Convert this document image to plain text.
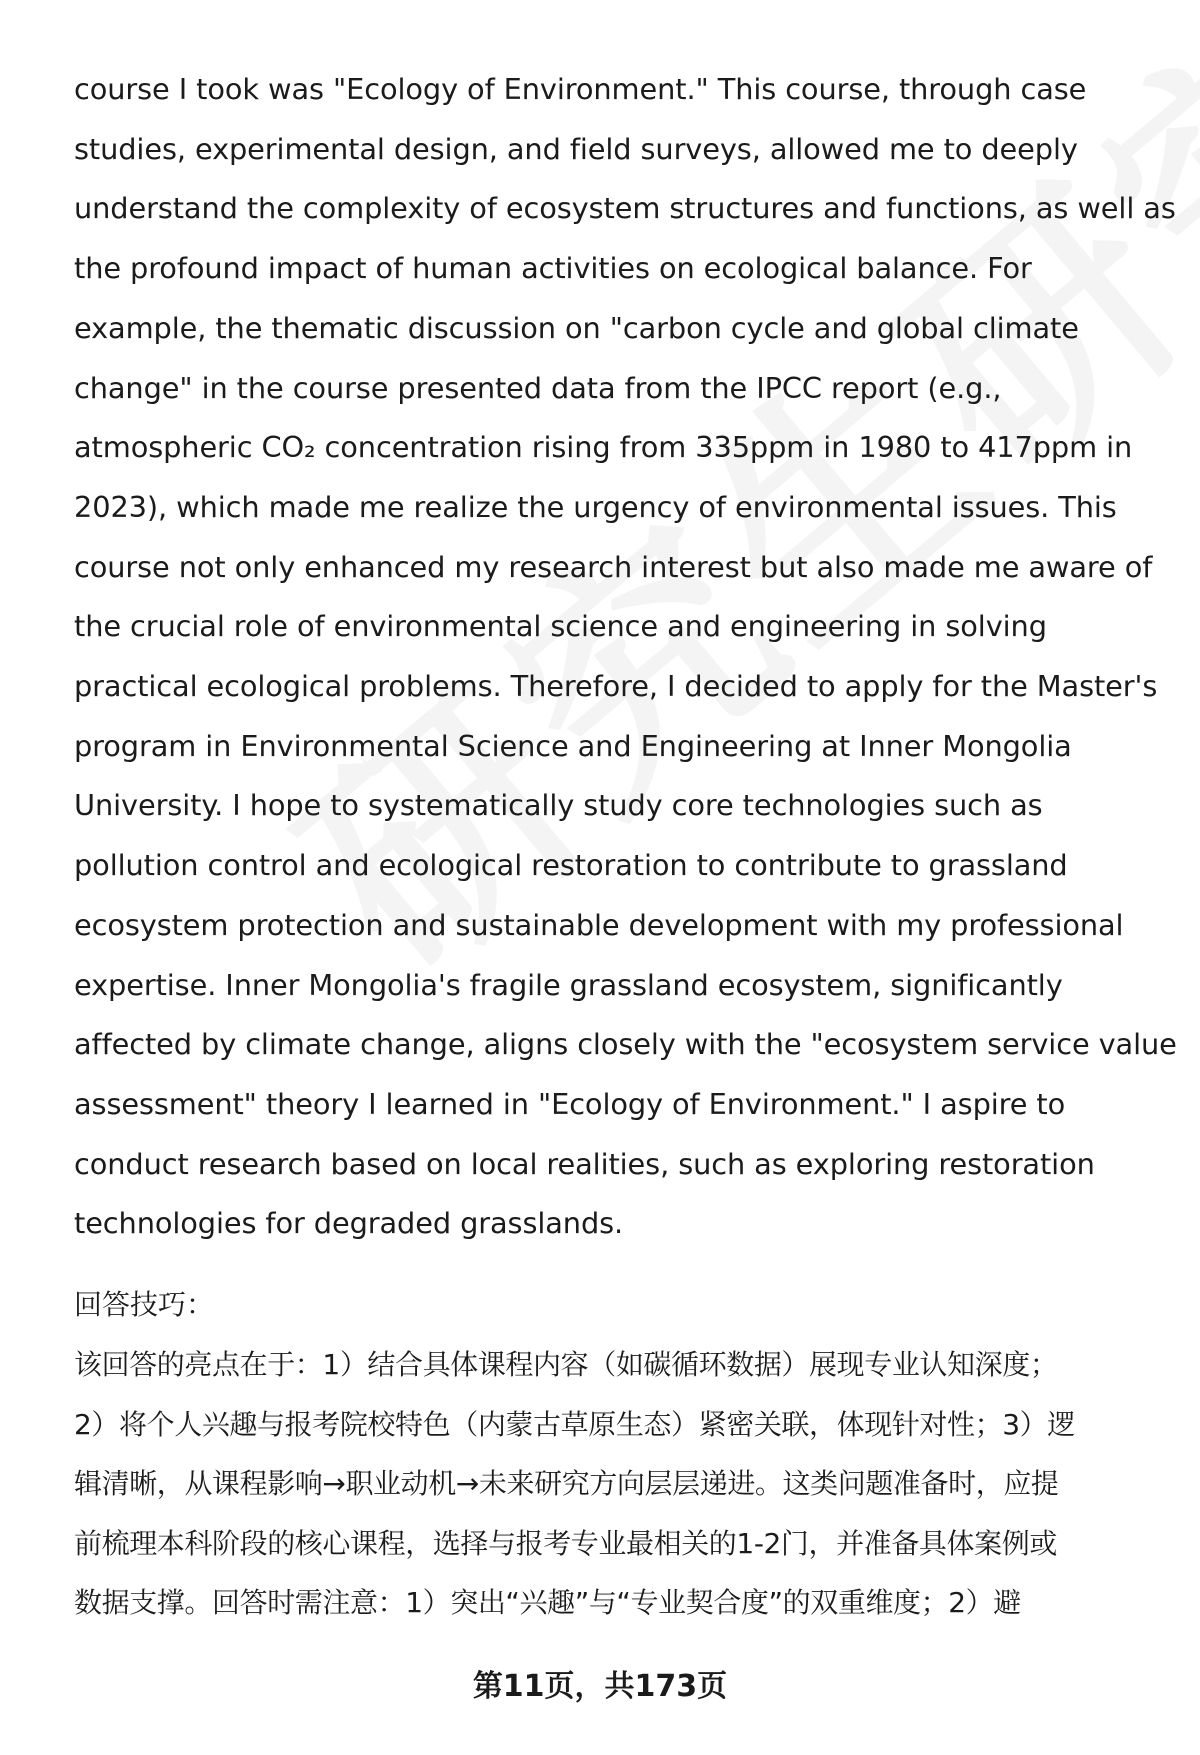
course I took was "Ecology of Environment." This course, through case
studies, experimental design, and field surveys, allowed me to deeply
understand the complexity of ecosystem structures and functions, as well as
the profound impact of human activities on ecological balance. For
example, the thematic discussion on "carbon cycle and global climate
change" in the course presented data from the IPCC report (e.g.,
atmospheric CO₂ concentration rising from 335ppm in 1980 to 417ppm in
2023), which made me realize the urgency of environmental issues. This
course not only enhanced my research interest but also made me aware of
the crucial role of environmental science and engineering in solving
practical ecological problems. Therefore, I decided to apply for the Master's
program in Environmental Science and Engineering at Inner Mongolia
University. I hope to systematically study core technologies such as
pollution control and ecological restoration to contribute to grassland
ecosystem protection and sustainable development with my professional
expertise. Inner Mongolia's fragile grassland ecosystem, significantly
affected by climate change, aligns closely with the "ecosystem service value
assessment" theory I learned in "Ecology of Environment." I aspire to
conduct research based on local realities, such as exploring restoration
technologies for degraded grasslands.
回答技巧：
该回答的亮点在于：1）结合具体课程内容（如碳循环数据）展现专业认知深度；
2）将个人兴趣与报考院校特色（内蒙古草原生态）紧密关联，体现针对性；3）逻
辑清晰，从课程影响→职业动机→未来研究方向层层递进。这类问题准备时，应提
前梳理本科阶段的核心课程，选择与报考专业最相关的1-2门，并准备具体案例或
数据支撑。回答时需注意：1）突出“兴趣”与“专业契合度”的双重维度；2）避
第11页，共173页
